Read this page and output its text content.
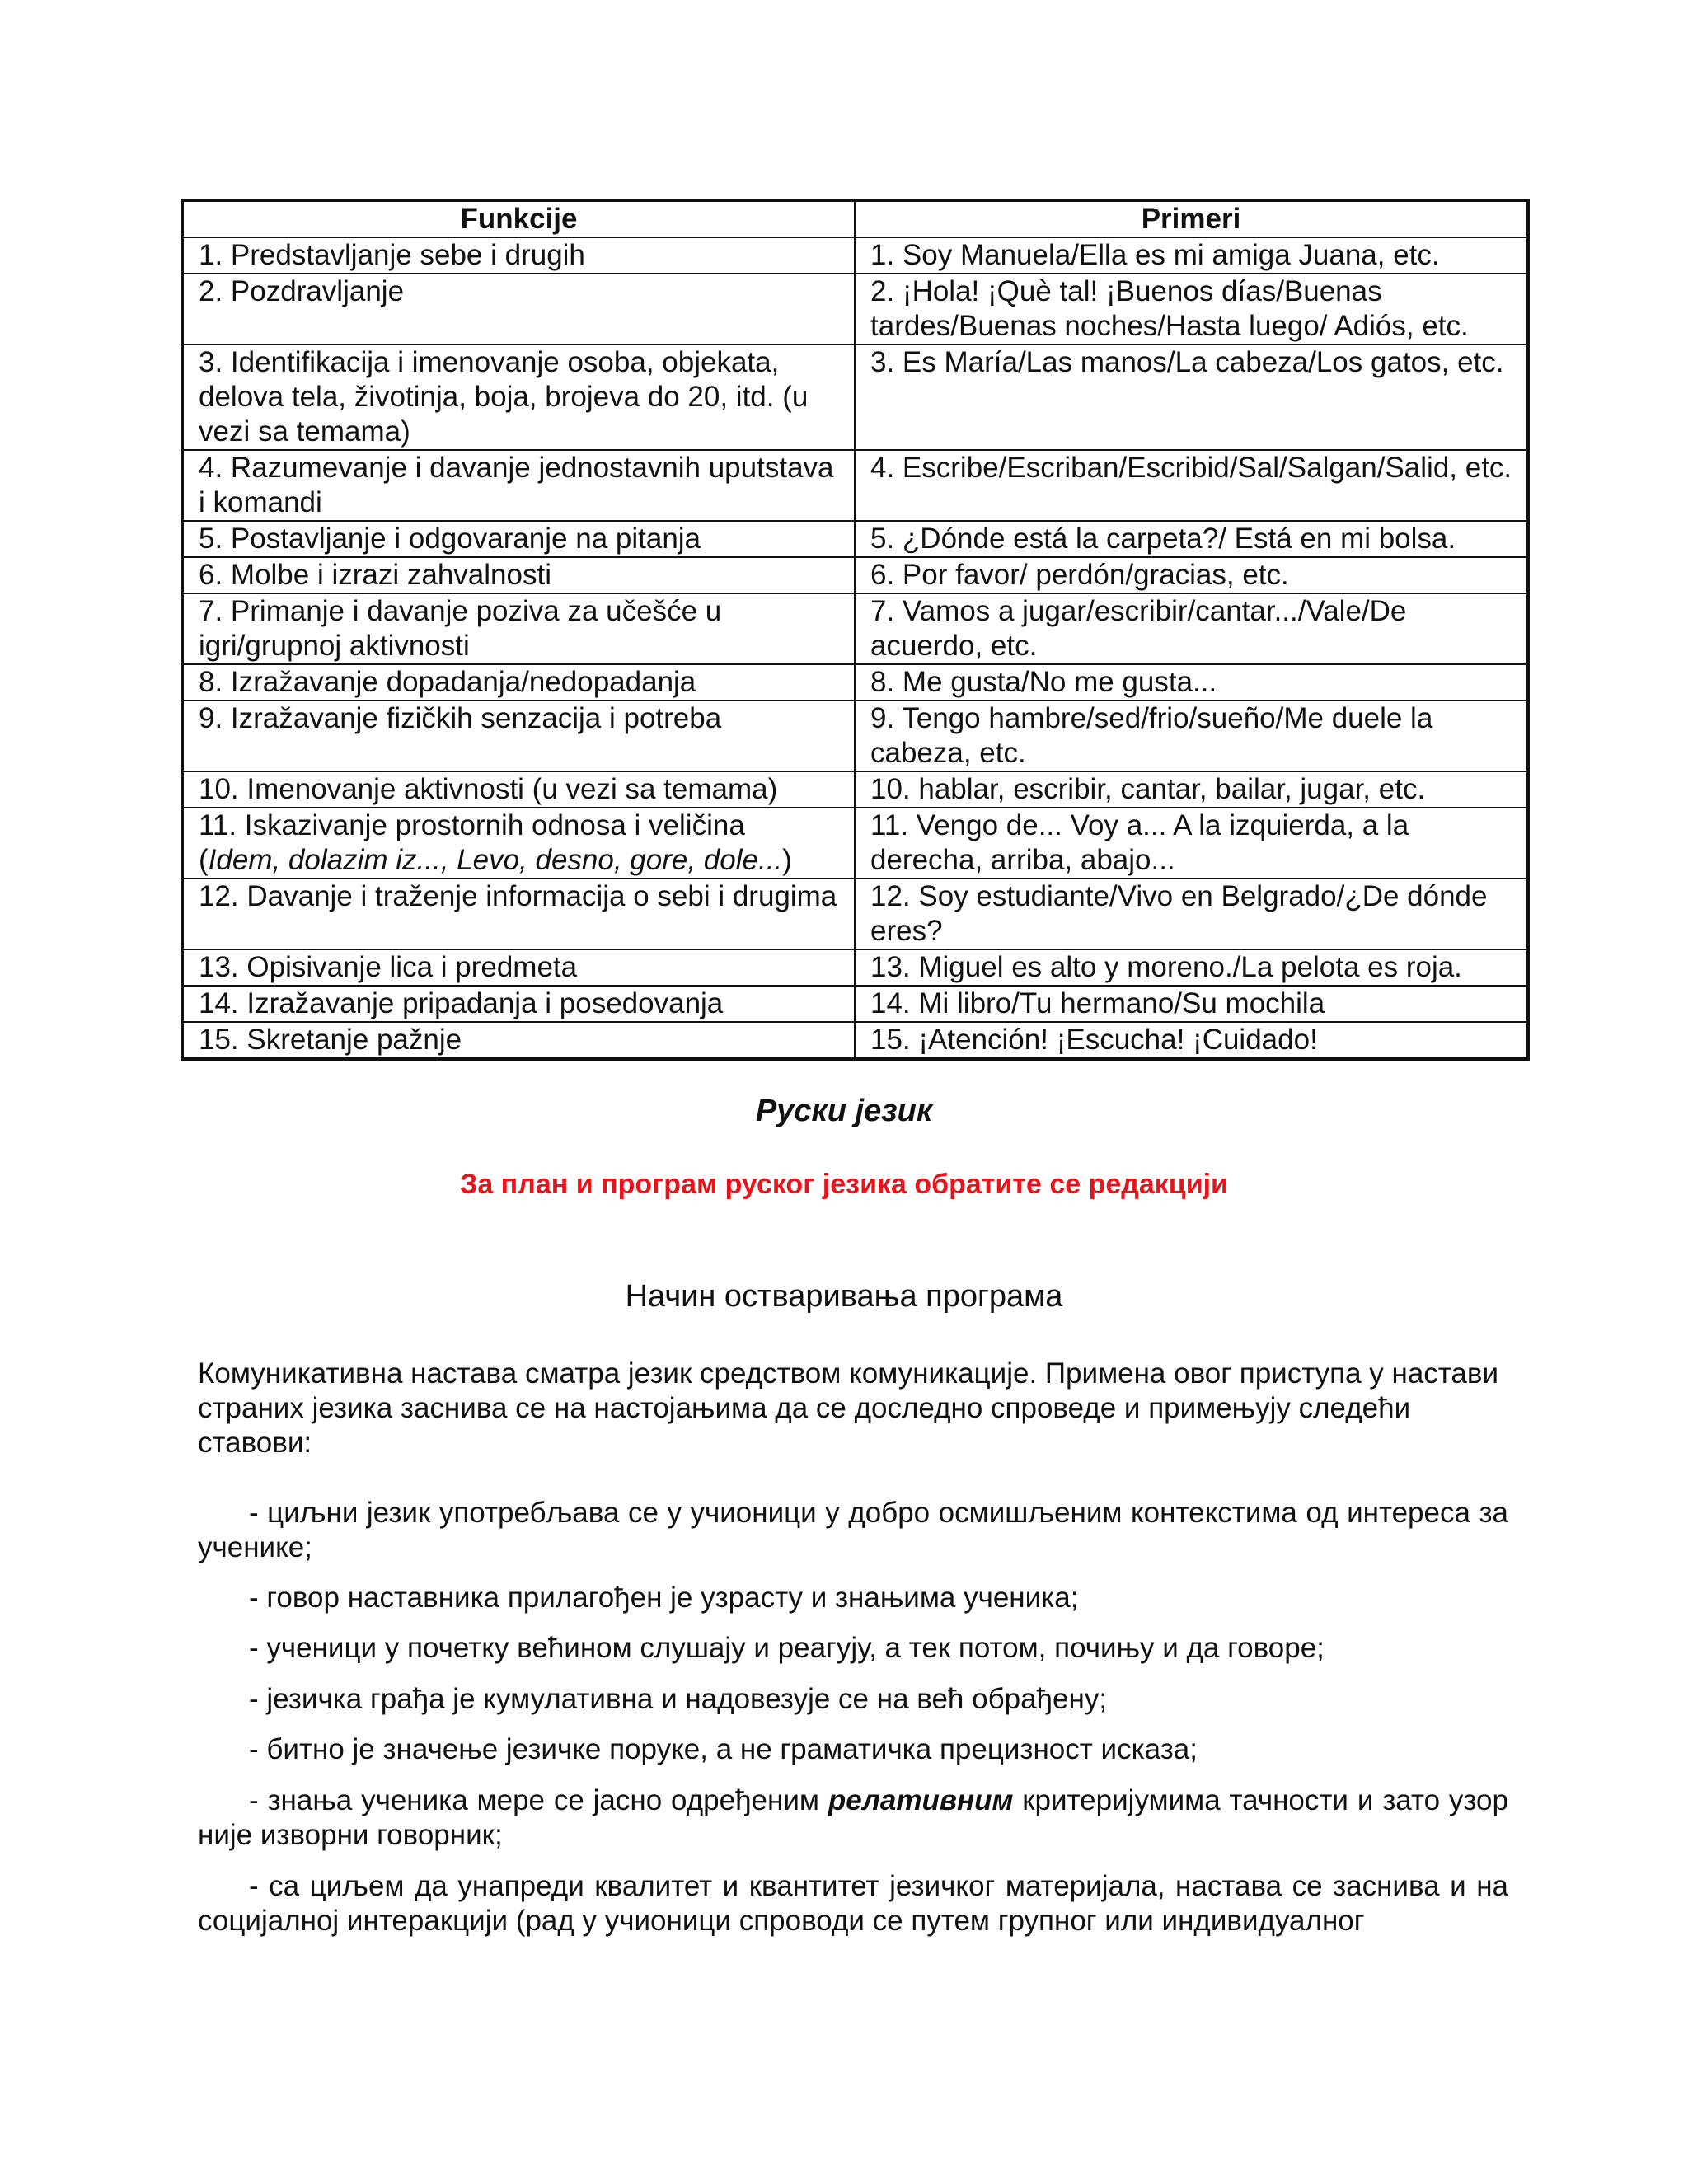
Funkcije	Primeri
1. Predstavljanje sebe i drugih	1. Soy Manuela/Ella es mi amiga Juana, etc.
2. Pozdravljanje	2. ¡Hola! ¡Què tal! ¡Buenos días/Buenas tardes/Buenas noches/Hasta luego/ Adiós, etc.
3. Identifikacija i imenovanje osoba, objekata, delova tela, životinja, boja, brojeva do 20, itd. (u vezi sa temama)	3. Es María/Las manos/La cabeza/Los gatos, etc.
4. Razumevanje i davanje jednostavnih uputstava i komandi	4. Escribe/Escriban/Escribid/Sal/Salgan/Salid, etc.
5. Postavljanje i odgovaranje na pitanja	5. ¿Dónde está la carpeta?/ Está en mi bolsa.
6. Molbe i izrazi zahvalnosti	6. Por favor/ perdón/gracias, etc.
7. Primanje i davanje poziva za učešće u igri/grupnoj aktivnosti	7. Vamos a jugar/escribir/cantar.../Vale/De acuerdo, etc.
8. Izražavanje dopadanja/nedopadanja	8. Me gusta/No me gusta...
9. Izražavanje fizičkih senzacija i potreba	9. Tengo hambre/sed/frio/sueño/Me duele la cabeza, etc.
10. Imenovanje aktivnosti (u vezi sa temama)	10. hablar, escribir, cantar, bailar, jugar, etc.
11. Iskazivanje prostornih odnosa i veličina
(Idem, dolazim iz..., Levo, desno, gore, dole...)	11. Vengo de... Voy a... A la izquierda, a la derecha, arriba, abajo...
12. Davanje i traženje informacija o sebi i drugima	12. Soy estudiante/Vivo en Belgrado/¿De dónde eres?
13. Opisivanje lica i predmeta	13. Miguel es alto y moreno./La pelota es roja.
14. Izražavanje pripadanja i posedovanja	14. Mi libro/Tu hermano/Su mochila
15. Skretanje pažnje	15. ¡Atención! ¡Escucha! ¡Cuidado!
Руски језик
За план и програм руског језика обратите се редакцији
Начин остваривања програма

Комуникативна настава сматра језик средством комуникације. Примена овог приступа у настави страних језика заснива се на настојањима да се доследно спроведе и примењују следећи ставови:

- циљни језик употребљава се у учионици у добро осмишљеним контекстима од интереса за ученике;

- говор наставника прилагођен је узрасту и знањима ученика;

- ученици у почетку већином слушају и реагују, а тек потом, почињу и да говоре;

- језичка грађа је кумулативна и надовезује се на већ обрађену;

- битно је значење језичке поруке, а не граматичка прецизност исказа;

- знања ученика мере се јасно одређеним релативним критеријумима тачности и зато узор није изворни говорник;

- са циљем да унапреди квалитет и квантитет језичког материјала, настава се заснива и на социјалној интеракцији (рад у учионици спроводи се путем групног или индивидуалног
